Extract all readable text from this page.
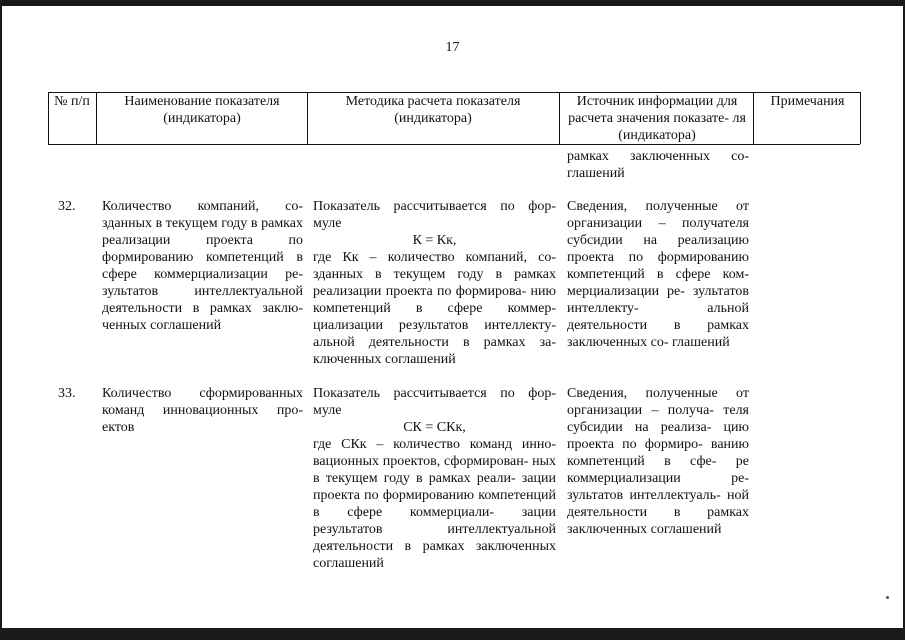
17
№ п/п	Наименование показателя (индикатора)
Методика расчета показателя (индикатора)
Источник информации для расчета значения показате- ля (индикатора)
Примечания
рамках заключенных со- глашений
32. Количество компаний, со- зданных в текущем году в рамках реализации проекта по формированию компетенций в сфере коммерциализации ре- зультатов интеллектуальной деятельности в рамках заклю- ченных соглашений
Показатель рассчитывается по фор- муле
К = Кк,
где Кк – количество компаний, со- зданных в текущем году в рамках реализации проекта по формирова- нию компетенций в сфере коммер- циализации результатов интеллекту- альной деятельности в рамках за- ключенных соглашений
Сведения, полученные от организации – получателя субсидии на реализацию проекта по формированию компетенций в сфере ком- мерциализации ре- зультатов интеллекту- альной деятельности в рамках заключенных со- глашений
33. Количество сформированных команд инновационных про- ектов
Показатель рассчитывается по фор- муле
СК = СКк,
где СКк – количество команд инно- вационных проектов, сформирован- ных в текущем году в рамках реали- зации проекта по формированию компетенций в сфере коммерциали- зации результатов интеллектуальной деятельности в рамках заключенных соглашений
Сведения, полученные от организации – получа- теля субсидии на реализа- цию проекта по формиро- ванию компетенций в сфе- ре коммерциализации ре- зультатов интеллектуаль- ной деятельности в рамках заключенных соглашений
